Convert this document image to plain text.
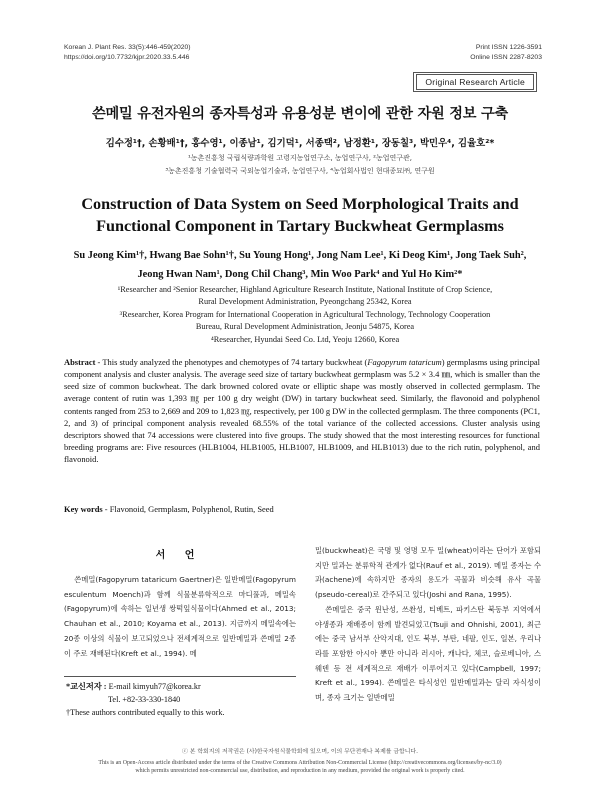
Korean J. Plant Res. 33(5):446-459(2020)
https://doi.org/10.7732/kjpr.2020.33.5.446
Print ISSN 1226-3591
Online ISSN 2287-8203
Original Research Article
쓴메밀 유전자원의 종자특성과 유용성분 변이에 관한 자원 정보 구축
김수정¹†, 손황배¹†, 홍수영¹, 이종남¹, 김기덕¹, 서종택², 남정환¹, 장동칠³, 박민우⁴, 김율호²*
¹농촌진흥청 국립식량과학원 고령지농업연구소, 농업연구사, ²농업연구관,
³농촌진흥청 기술협력국 국외농업기술과, 농업연구사, ⁴농업회사법인 현대종묘㈜, 연구원
Construction of Data System on Seed Morphological Traits and
Functional Component in Tartary Buckwheat Germplasms
Su Jeong Kim¹†, Hwang Bae Sohn¹†, Su Young Hong¹, Jong Nam Lee¹, Ki Deog Kim¹, Jong Taek Suh²,
Jeong Hwan Nam¹, Dong Chil Chang³, Min Woo Park⁴ and Yul Ho Kim²*
¹Researcher and ²Senior Researcher, Highland Agriculture Research Institute, National Institute of Crop Science,
Rural Development Administration, Pyeongchang 25342, Korea
³Researcher, Korea Program for International Cooperation in Agricultural Technology, Technology Cooperation
Bureau, Rural Development Administration, Jeonju 54875, Korea
⁴Researcher, Hyundai Seed Co. Ltd, Yeoju 12660, Korea
Abstract - This study analyzed the phenotypes and chemotypes of 74 tartary buckwheat (Fagopyrum tataricum) germplasms using principal component analysis and cluster analysis. The average seed size of tartary buckwheat germplasm was 5.2 × 3.4 ㎜, which is smaller than the seed size of common buckwheat. The dark browned colored ovate or elliptic shape was mostly observed in collected germplasm. The average content of rutin was 1,393 ㎎ per 100 g dry weight (DW) in tartary buckwheat seed. Similarly, the flavonoid and polyphenol contents ranged from 253 to 2,669 and 209 to 1,823 ㎎, respectively, per 100 g DW in the collected germplasm. The three components (PC1, 2, and 3) of principal component analysis revealed 68.55% of the total variance of the collected accessions. Cluster analysis using descriptors showed that 74 accessions were clustered into five groups. The study showed that the most interesting resources for functional breeding programs are: Five resources (HLB1004, HLB1005, HLB1007, HLB1009, and HLB1013) due to the rich rutin, polyphenol, and flavonoid.
Key words - Flavonoid, Germplasm, Polyphenol, Rutin, Seed
서 언

쓴메밀(Fagopyrum tataricum Gaertner)은 일반메밀(Fagopyrum esculentum Moench)과 함께 식물분류학적으로 마디풀과, 메밀속(Fagopyrum)에 속하는 일년생 쌍떡잎식물이다(Ahmed et al., 2013; Chauhan et al., 2010; Koyama et al., 2013). 지금까지 메밀속에는 20종 이상의 식물이 보고되었으나 전세계적으로 일반메밀과 쓴메밀 2종이 주로 재배된다(Kreft et al., 1994). 메

밀(buckwheat)은 국명 및 영명 모두 밀(wheat)이라는 단어가 포함되지만 밀과는 분류학적 관계가 없다(Rauf et al., 2019). 메밀 종자는 수과(achene)에 속하지만 종자의 용도가 곡물과 비슷해 유사 곡물(pseudo-cereal)로 간주되고 있다(Joshi and Rana, 1995).

쓴메밀은 중국 윈난성, 쓰촨성, 티베트, 파키스탄 북동부 지역에서 야생종과 재배종이 함께 발견되었고(Tsuji and Ohnishi, 2001), 최근에는 중국 남서부 산악지대, 인도 북부, 부탄, 네팔, 인도, 일본, 우리나라를 포함한 아시아 뿐만 아니라 러시아, 캐나다, 체코, 슬로베니아, 스웨덴 등 전 세계적으로 재배가 이루어지고 있다(Campbell, 1997; Kreft et al., 1994). 쓴메밀은 타식성인 일반메밀과는 달리 자식성이며, 종자 크기는 일반메밀

*교신저자 : E-mail kimyuh77@korea.kr
Tel. +82-33-330-1840
†These authors contributed equally to this work.
ⓒ 본 학회지의 저작권은 (사)한국자원식물학회에 있으며, 이의 무단전재나 복제를 금합니다.
This is an Open-Access article distributed under the terms of the Creative Commons Attribution Non-Commercial License (http://creativecommons.org/licenses/by-nc/3.0)
which permits unrestricted non-commercial use, distribution, and reproduction in any medium, provided the original work is properly cited.
